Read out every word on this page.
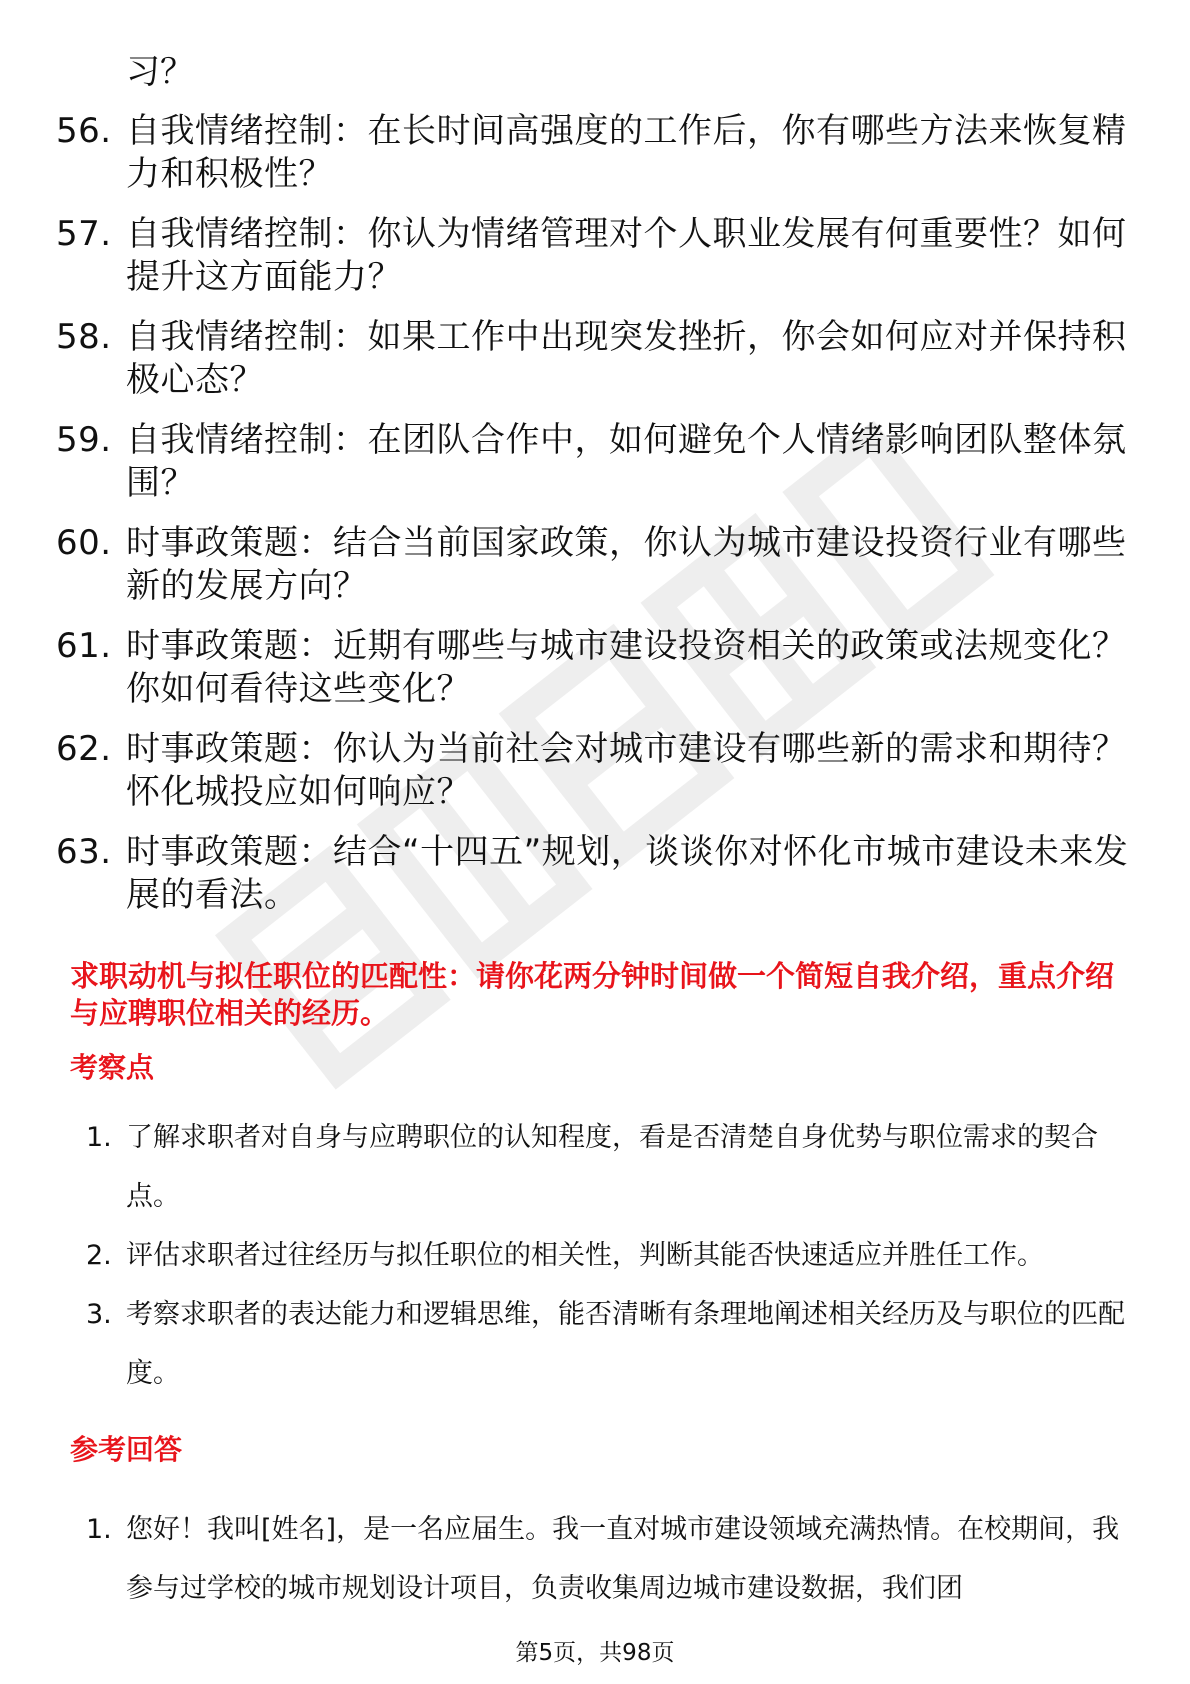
习？

56. 自我情绪控制：在长时间高强度的工作后，你有哪些方法来恢复精力和积极性？
57. 自我情绪控制：你认为情绪管理对个人职业发展有何重要性？如何提升这方面能力？
58. 自我情绪控制：如果工作中出现突发挫折，你会如何应对并保持积极心态？
59. 自我情绪控制：在团队合作中，如何避免个人情绪影响团队整体氛围？
60. 时事政策题：结合当前国家政策，你认为城市建设投资行业有哪些新的发展方向？
61. 时事政策题：近期有哪些与城市建设投资相关的政策或法规变化？你如何看待这些变化？
62. 时事政策题：你认为当前社会对城市建设有哪些新的需求和期待？怀化城投应如何响应？
63. 时事政策题：结合“十四五”规划，谈谈你对怀化市城市建设未来发展的看法。
求职动机与拟任职位的匹配性：请你花两分钟时间做一个简短自我介绍，重点介绍与应聘职位相关的经历。
考察点
1. 了解求职者对自身与应聘职位的认知程度，看是否清楚自身优势与职位需求的契合点。
2. 评估求职者过往经历与拟任职位的相关性，判断其能否快速适应并胜任工作。
3. 考察求职者的表达能力和逻辑思维，能否清晰有条理地阐述相关经历及与职位的匹配度。
参考回答
1. 您好！我叫[姓名]，是一名应届生。我一直对城市建设领域充满热情。在校期间，我参与过学校的城市规划设计项目，负责收集周边城市建设数据，我们团

第5页，共98页
